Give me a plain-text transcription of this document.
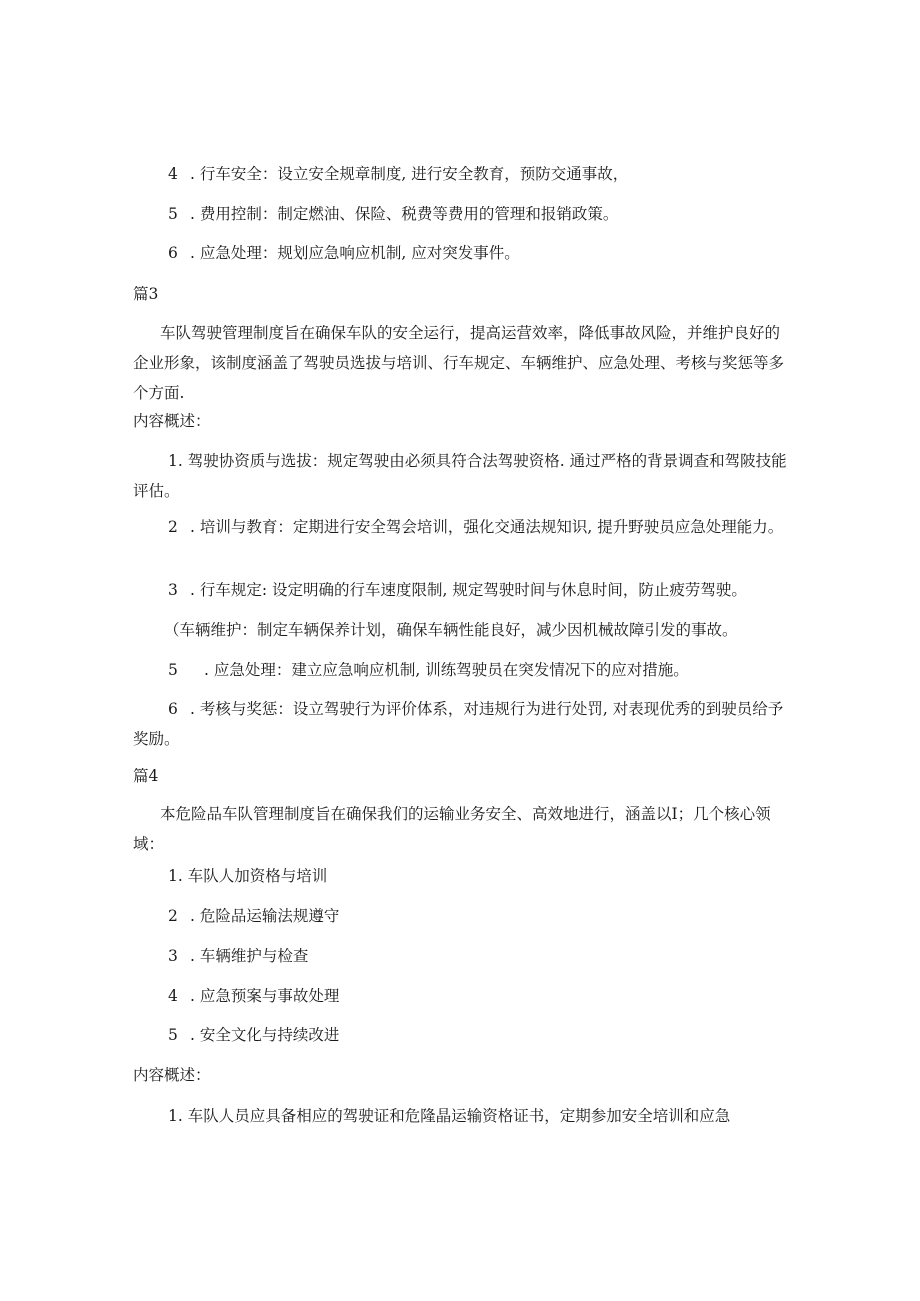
4 . 行车安全：设立安全规章制度, 进行安全教育，预防交通事故，
5 . 费用控制：制定燃油、保险、税费等费用的管理和报销政策。
6 . 应急处理：规划应急响应机制, 应对突发事件。
篇3
车队驾驶管理制度旨在确保车队的安全运行，提高运营效率，降低事故风险，并维护良好的企业形象，该制度涵盖了驾驶员选拔与培训、行车规定、车辆维护、应急处理、考核与奖惩等多个方面.
内容概述：
1. 驾驶协资质与选拔：规定驾驶由必须具符合法驾驶资格. 通过严格的背景调查和驾陂技能评估。
2 . 培训与教育：定期进行安全驾会培训，强化交通法规知识, 提升野驶员应急处理能力。
3 . 行车规定: 设定明确的行车速度限制, 规定驾驶时间与休息时间，防止疲劳驾驶。
（车辆维护：制定车辆保养计划，确保车辆性能良好，减少因机械故障引发的事故。
5 . 应急处理：建立应急响应机制, 训练驾驶员在突发情况下的应对措施。
6 . 考核与奖惩：设立驾驶行为评价体系，对违规行为进行处罚, 对表现优秀的到驶员给予奖励。
篇4
本危险品车队管理制度旨在确保我们的运输业务安全、高效地进行，涵盖以I；几个核心领域：
1. 车队人加资格与培训
2 . 危险品运输法规遵守
3 . 车辆维护与检查
4 . 应急预案与事故处理
5 . 安全文化与持续改进
内容概述：
1. 车队人员应具备相应的驾驶证和危隆晶运输资格证书，定期参加安全培训和应急
